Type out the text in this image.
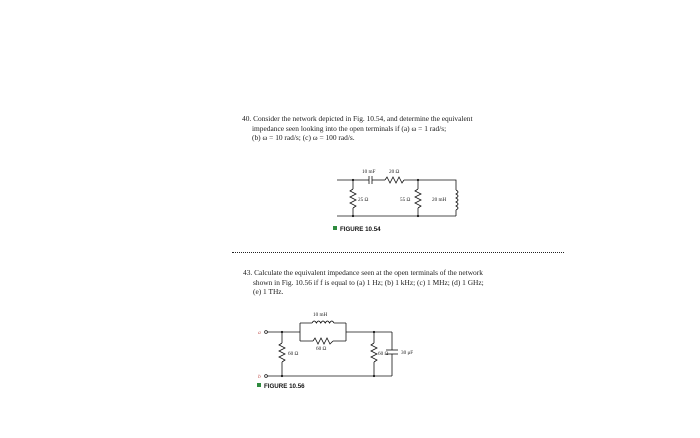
40. Consider the network depicted in Fig. 10.54, and determine the equivalent

impedance seen looking into the open terminals if (a) ω = 1 rad/s;

(b) ω = 10 rad/s; (c) ω = 100 rad/s.

43. Calculate the equivalent impedance seen at the open terminals of the network

shown in Fig. 10.56 if f is equal to (a) 1 Hz; (b) 1 kHz; (c) 1 MHz; (d) 1 GHz;

(e) 1 THz.

10 mF	20 Ω
25 Ω	55 Ω	20 mH
FIGURE 10.54
a
b
10 mH
60 Ω
60 Ω	60 Ω 30 μF
FIGURE 10.56
